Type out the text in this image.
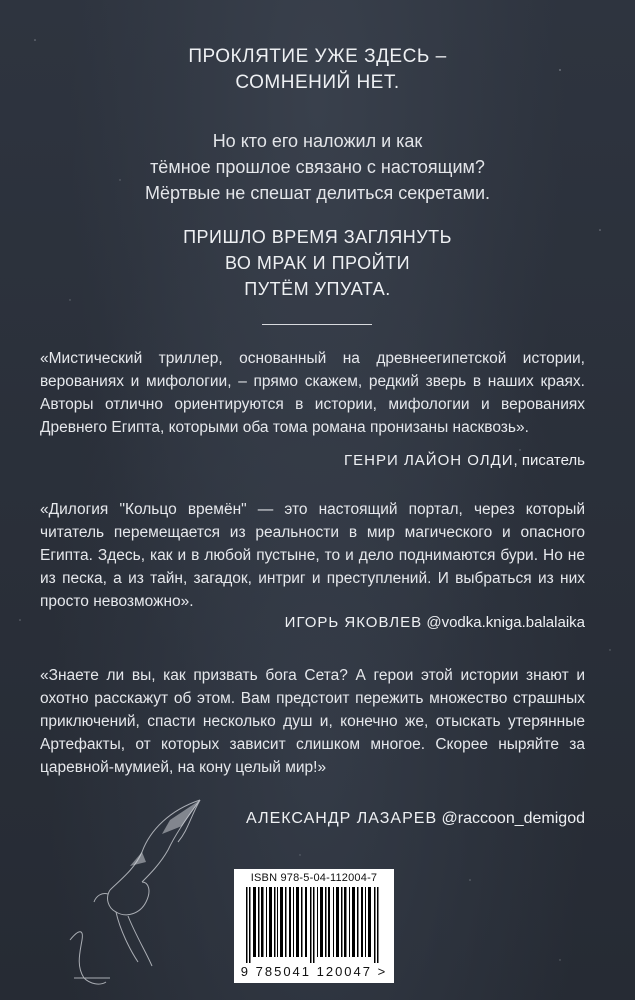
ПРОКЛЯТИЕ УЖЕ ЗДЕСЬ –
СОМНЕНИЙ НЕТ.
Но кто его наложил и как
тёмное прошлое связано с настоящим?
Мёртвые не спешат делиться секретами.
ПРИШЛО ВРЕМЯ ЗАГЛЯНУТЬ
ВО МРАК И ПРОЙТИ
ПУТЁМ УПУАТА.
«Мистический триллер, основанный на древнеегипетской истории, верованиях и мифологии, – прямо скажем, редкий зверь в наших краях. Авторы отлично ориентируются в истории, мифологии и верованиях Древнего Египта, которыми оба тома романа пронизаны насквозь».
ГЕНРИ ЛАЙОН ОЛДИ, писатель
«Дилогия "Кольцо времён" — это настоящий портал, через который читатель перемещается из реальности в мир магического и опасного Египта. Здесь, как и в любой пустыне, то и дело поднимаются бури. Но не из песка, а из тайн, загадок, интриг и преступлений. И выбраться из них просто невозможно».
ИГОРЬ ЯКОВЛЕВ @vodka.kniga.balalaika
«Знаете ли вы, как призвать бога Сета? А герои этой истории знают и охотно расскажут об этом. Вам предстоит пережить множество страшных приключений, спасти несколько душ и, конечно же, отыскать утерянные Артефакты, от которых зависит слишком многое. Скорее ныряйте за царевной-мумией, на кону целый мир!»
АЛЕКСАНДР ЛАЗАРЕВ @raccoon_demigod
ISBN 978-5-04-112004-7
9 785041 120047 >
